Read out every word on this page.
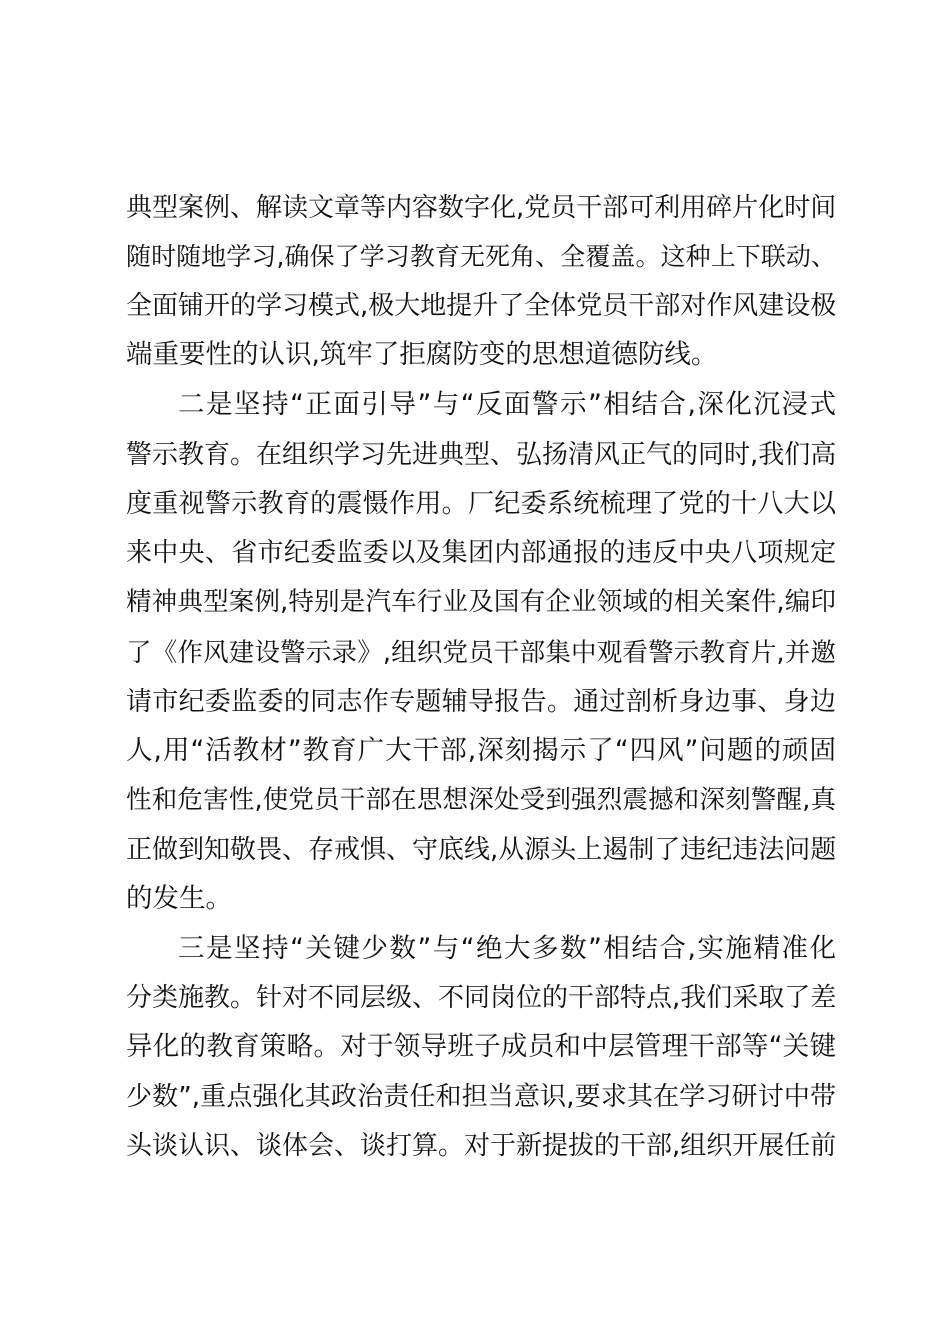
典型案例、解读文章等内容数字化,党员干部可利用碎片化时间
随时随地学习,确保了学习教育无死角、全覆盖。这种上下联动、
全面铺开的学习模式,极大地提升了全体党员干部对作风建设极
端重要性的认识,筑牢了拒腐防变的思想道德防线。
二是坚持“正面引导”与“反面警示”相结合,深化沉浸式
警示教育。在组织学习先进典型、弘扬清风正气的同时,我们高
度重视警示教育的震慑作用。厂纪委系统梳理了党的十八大以
来中央、省市纪委监委以及集团内部通报的违反中央八项规定
精神典型案例,特别是汽车行业及国有企业领域的相关案件,编印
了《作风建设警示录》,组织党员干部集中观看警示教育片,并邀
请市纪委监委的同志作专题辅导报告。通过剖析身边事、身边
人,用“活教材”教育广大干部,深刻揭示了“四风”问题的顽固
性和危害性,使党员干部在思想深处受到强烈震撼和深刻警醒,真
正做到知敬畏、存戒惧、守底线,从源头上遏制了违纪违法问题
的发生。
三是坚持“关键少数”与“绝大多数”相结合,实施精准化
分类施教。针对不同层级、不同岗位的干部特点,我们采取了差
异化的教育策略。对于领导班子成员和中层管理干部等“关键
少数”,重点强化其政治责任和担当意识,要求其在学习研讨中带
头谈认识、谈体会、谈打算。对于新提拔的干部,组织开展任前
